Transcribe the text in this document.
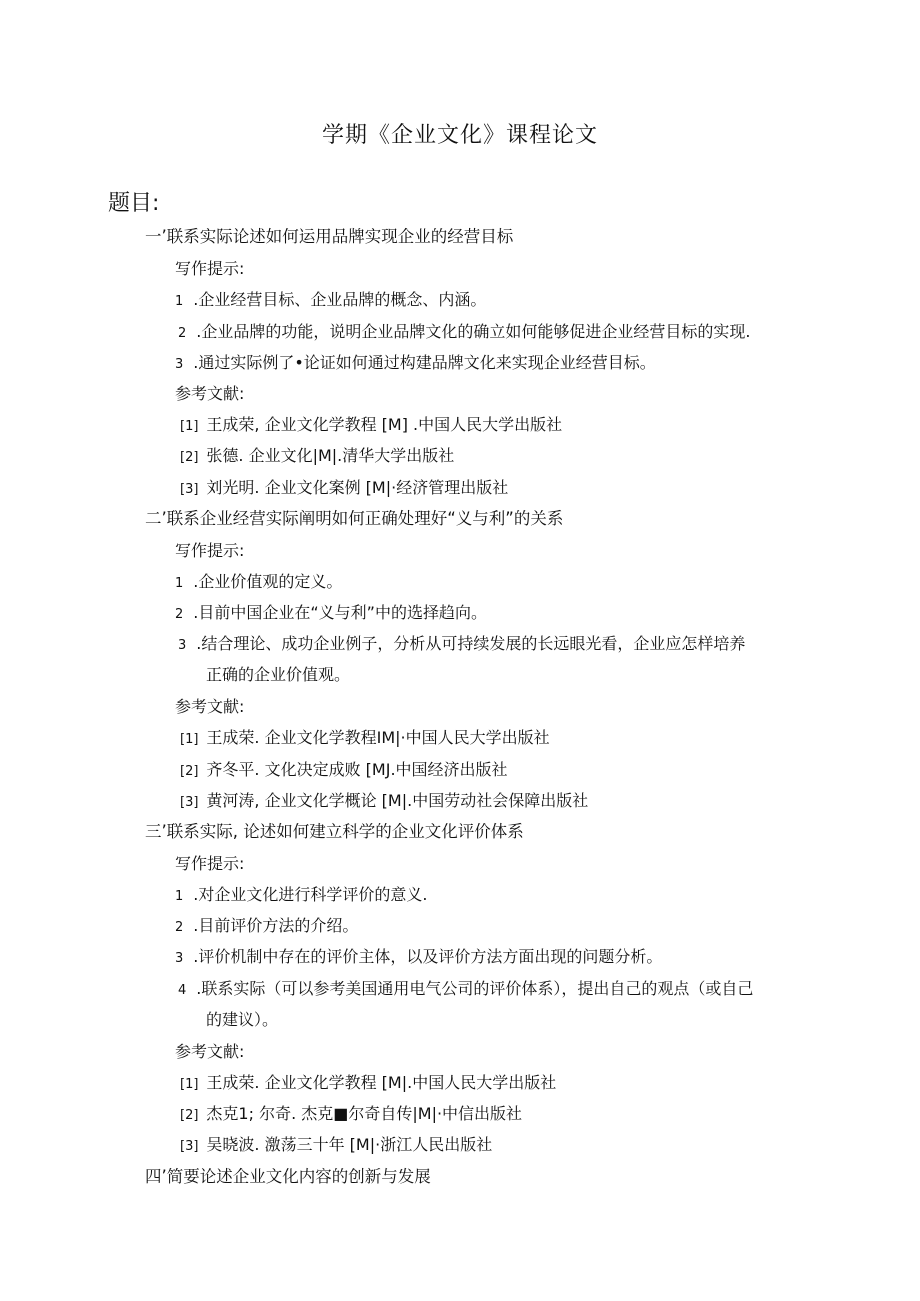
学期《企业文化》课程论文
题目:
一’联系实际论述如何运用品牌实现企业的经营目标
写作提示:
1 .企业经营目标、企业品牌的概念、内涵。
2 .企业品牌的功能，说明企业品牌文化的确立如何能够促进企业经营目标的实现.
3 .通过实际例了•论证如何通过构建品牌文化来实现企业经营目标。
参考文献:
[1] 王成荣, 企业文化学教程 [M] .中国人民大学出版社
[2] 张德. 企业文化|M|.清华大学出版社
[3] 刘光明. 企业文化案例 [M|·经济管理出版社
二’联系企业经营实际阐明如何正确处理好“义与利”的关系
写作提示:
1 .企业价值观的定义。
2 .目前中国企业在“义与利”中的选择趋向。
3 .结合理论、成功企业例子，分析从可持续发展的长远眼光看，企业应怎样培养
正确的企业价值观。
参考文献:
[1] 王成荣. 企业文化学教程IM|·中国人民大学出版社
[2] 齐冬平. 文化决定成败 [MJ.中国经济出版社
[3] 黄河涛, 企业文化学概论 [M|.中国劳动社会保障出版社
三’联系实际, 论述如何建立科学的企业文化评价体系
写作提示:
1 .对企业文化进行科学评价的意义.
2 .目前评价方法的介绍。
3 .评价机制中存在的评价主体，以及评价方法方面出现的问题分析。
4 .联系实际（可以参考美国通用电气公司的评价体系），提出自己的观点（或自己
的建议）。
参考文献:
[1] 王成荣. 企业文化学教程 [M|.中国人民大学出版社
[2] 杰克1; 尔奇. 杰克■尔奇自传|M|·中信出版社
[3] 吴晓波. 激荡三十年 [M|·浙江人民出版社
四’简要论述企业文化内容的创新与发展
